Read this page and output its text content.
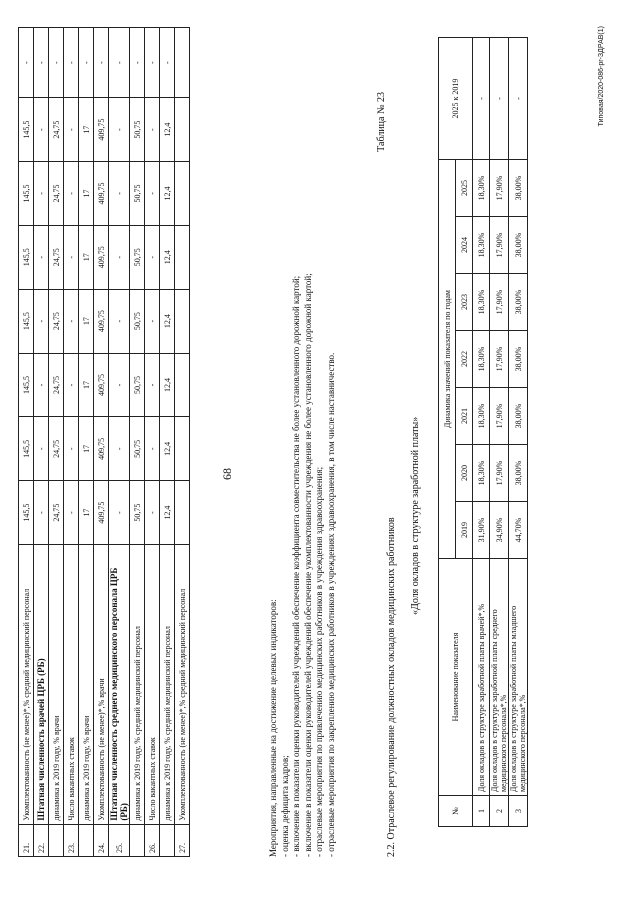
21.	Укомплектованность (не менее)*,% средний медицинский персонал	145,5	145,5	145,5	145,5	145,5	145,5	145,5	-
22.	Штатная численность врачей ЦРБ (РБ)	-	-	-	-	-	-	-	-
	динамика к 2019 году, % врачи	24,75	24,75	24,75	24,75	24,75	24,75	24,75	-
23.	Число вакантных ставок	-	-	-	-	-	-	-	-
	динамика к 2019 году, % врачи	17	17	17	17	17	17	17	-
24.	Укомплектованность (не менее)*,% врачи	409,75	409,75	409,75	409,75	409,75	409,75	409,75	-
25.	Штатная численность среднего медицинского персонала ЦРБ (РБ)	-	-	-	-	-	-	-	-
	динамика к 2019 году, % средний медицинский персонал	50,75	50,75	50,75	50,75	50,75	50,75	50,75	-
26.	Число вакантных ставок	-	-	-	-	-	-	-	-
	динамика к 2019 году, % средний медицинский персонал	12,4	12,4	12,4	12,4	12,4	12,4	12,4	-
27.	Укомплектованность (не менее)*,% средний медицинский персонал								
68
Мероприятия, направленные на достижение целевых индикаторов: - оценка дефицита кадров; - включение в показатели оценки руководителей учреждений обеспечение коэффициента совместительства не более установленного дорожной картой; - включение в показатели оценки руководителей учреждений обеспечение укомплектованности учреждения не более установленного дорожной картой; - отраслевые мероприятия по привлечению медицинских работников в учреждения здравоохранения; - отраслевые мероприятия по закреплению медицинских работников в учреждениях здравоохранения, в том числе наставничество.	2.2. Отраслевое регулирование должностных окладов медицинских работников
Таблица № 23
«Доля окладов в структуре заработной платы»
№	Наименование показателя	Динамика значений показателя по годам							2025 к 2019
		2019	2020	2021	2022	2023	2024	2025	
1	Доля окладов в структуре заработной платы врачей*,%	31,90%	18,30%	18,30%	18,30%	18,30%	18,30%	18,30%	-
2	Доля окладов в структуре заработной платы среднего медицинского персонала*,%	34,90%	17,90%	17,90%	17,90%	17,90%	17,90%	17,90%	-
3	Доля окладов в структуре заработной платы младшего медицинского персонала*,%	44,70%	38,00%	38,00%	38,00%	38,00%	38,00%	38,00%	-	Типовая/2020-086-pr-ЗДРАВ(1)
